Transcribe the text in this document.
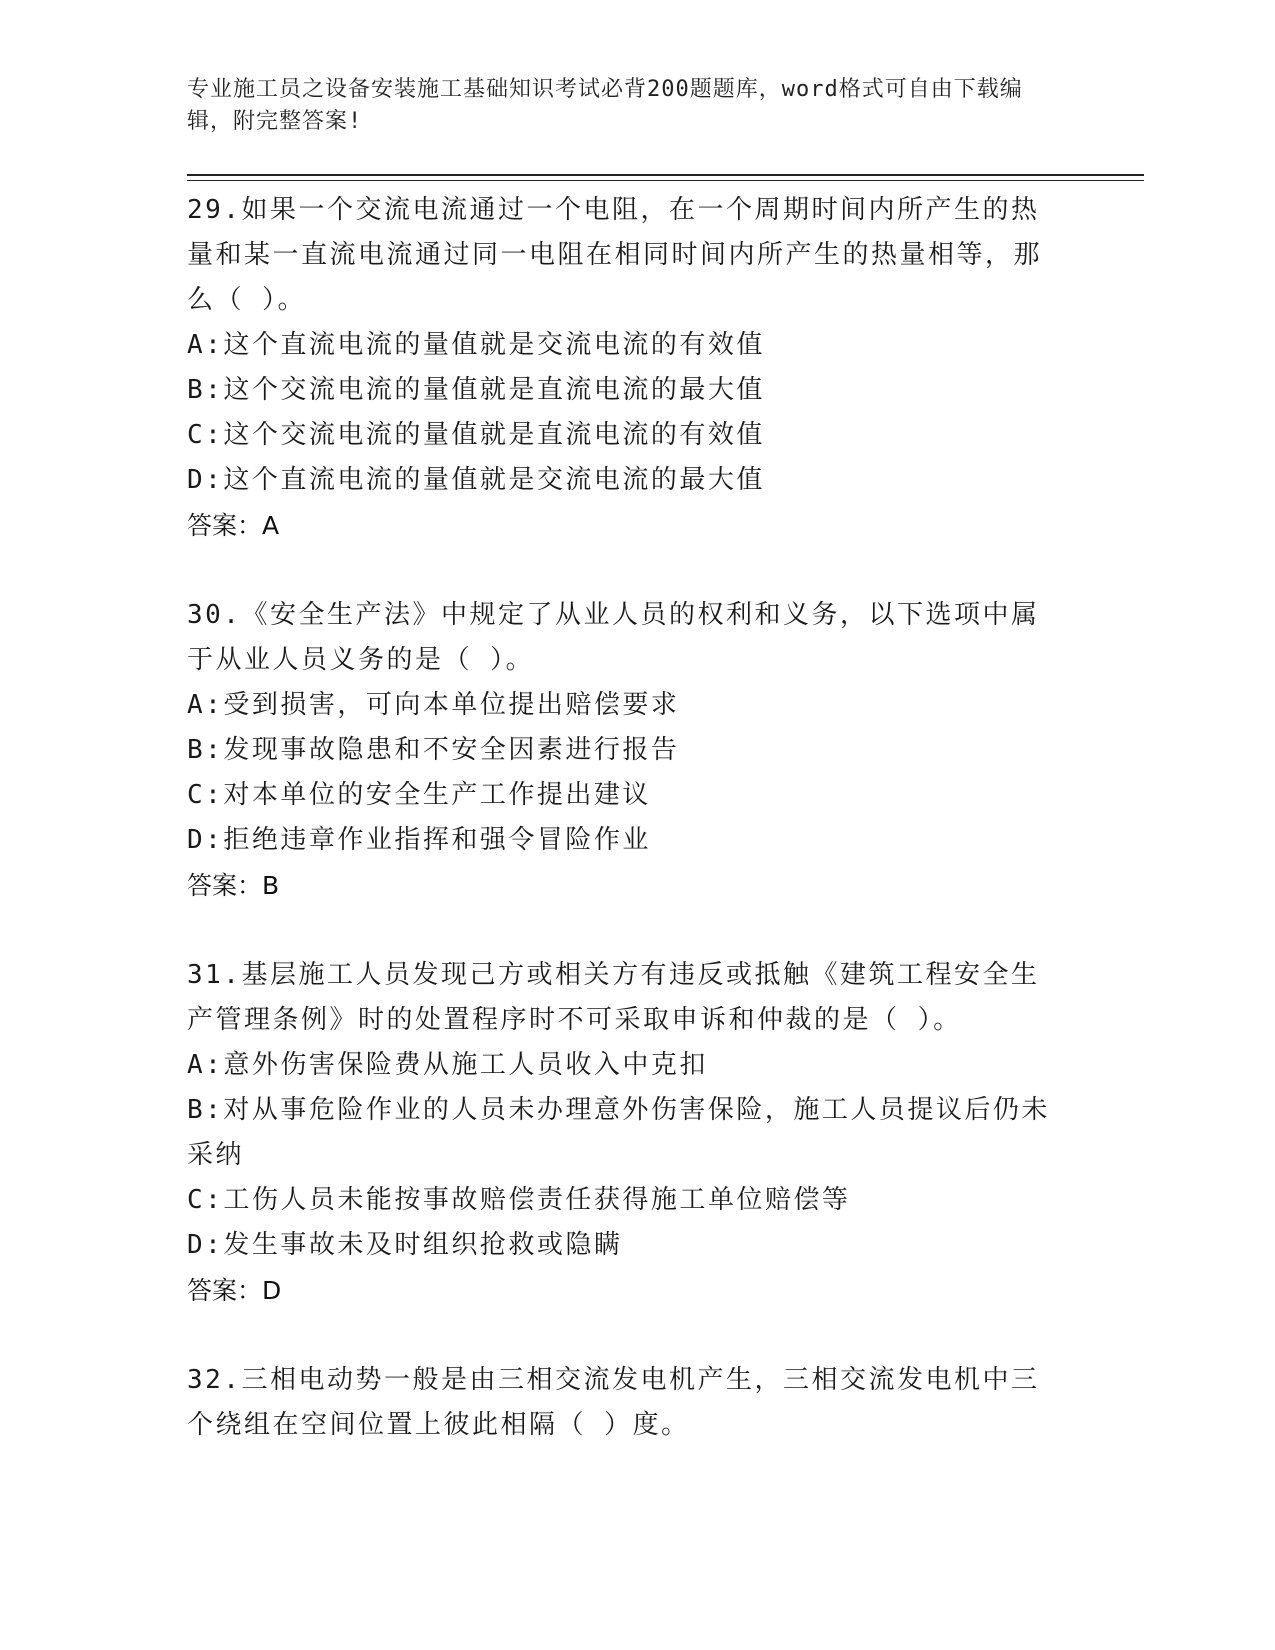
专业施工员之设备安装施工基础知识考试必背200题题库，word格式可自由下载编辑，附完整答案!

29.如果一个交流电流通过一个电阻，在一个周期时间内所产生的热量和某一直流电流通过同一电阻在相同时间内所产生的热量相等，那么（ ）。

A: 这个直流电流的量值就是交流电流的有效值
B: 这个交流电流的量值就是直流电流的最大值
C: 这个交流电流的量值就是直流电流的有效值
D: 这个直流电流的量值就是交流电流的最大值

答案：A

30.《安全生产法》中规定了从业人员的权利和义务，以下选项中属于从业人员义务的是（ ）。

A: 受到损害，可向本单位提出赔偿要求
B: 发现事故隐患和不安全因素进行报告
C: 对本单位的安全生产工作提出建议
D: 拒绝违章作业指挥和强令冒险作业

答案：B

31.基层施工人员发现己方或相关方有违反或抵触《建筑工程安全生产管理条例》时的处置程序时不可采取申诉和仲裁的是（ ）。

A: 意外伤害保险费从施工人员收入中克扣

B:对从事危险作业的人员未办理意外伤害保险，施工人员提议后仍未采纳

C: 工伤人员未能按事故赔偿责任获得施工单位赔偿等
D: 发生事故未及时组织抢救或隐瞒

答案：D

32.三相电动势一般是由三相交流发电机产生，三相交流发电机中三个绕组在空间位置上彼此相隔（ ）度。
